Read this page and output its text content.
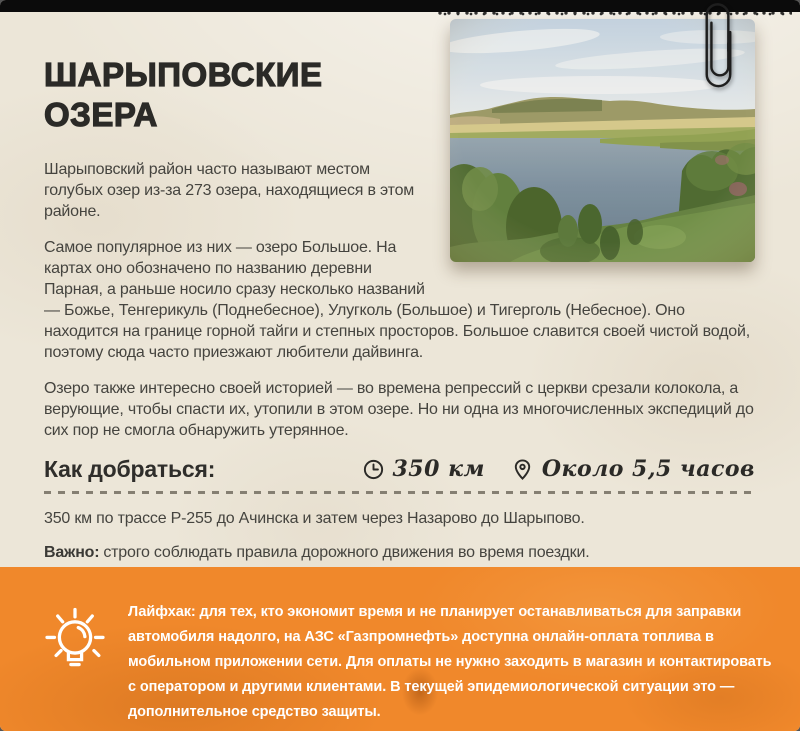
ШАРЫПОВСКИЕ
ОЗЕРА

Шарыповский район часто называют местом голубых озер из-за 273 озера, находящиеся в этом районе.

Самое популярное из них — озеро Большое. На картах оно обозначено по названию деревни Парная, а раньше носило сразу несколько названий — Божье, Тенгерикуль (Поднебесное), Улугколь (Большое) и Тигерголь (Небесное). Оно находится на границе горной тайги и степных просторов. Большое славится своей чистой водой, поэтому сюда часто приезжают любители дайвинга.

Озеро также интересно своей историей — во времена репрессий с церкви срезали колокола, а верующие, чтобы спасти их, утопили в этом озере. Но ни одна из многочисленных экспедиций до сих пор не смогла обнаружить утерянное.

Как добраться:	350 км	Около 5,5 часов

350 км по трассе Р-255 до Ачинска и затем через Назарово до Шарыпово.

Важно: строго соблюдать правила дорожного движения во время поездки.

Лайфхак: для тех, кто экономит время и не планирует останавливаться для заправки автомобиля надолго, на АЗС «Газпромнефть» доступна онлайн-оплата топлива в мобильном приложении сети. Для оплаты не нужно заходить в магазин и контактировать с оператором и другими клиентами. В текущей эпидемиологической ситуации это — дополнительное средство защиты.
